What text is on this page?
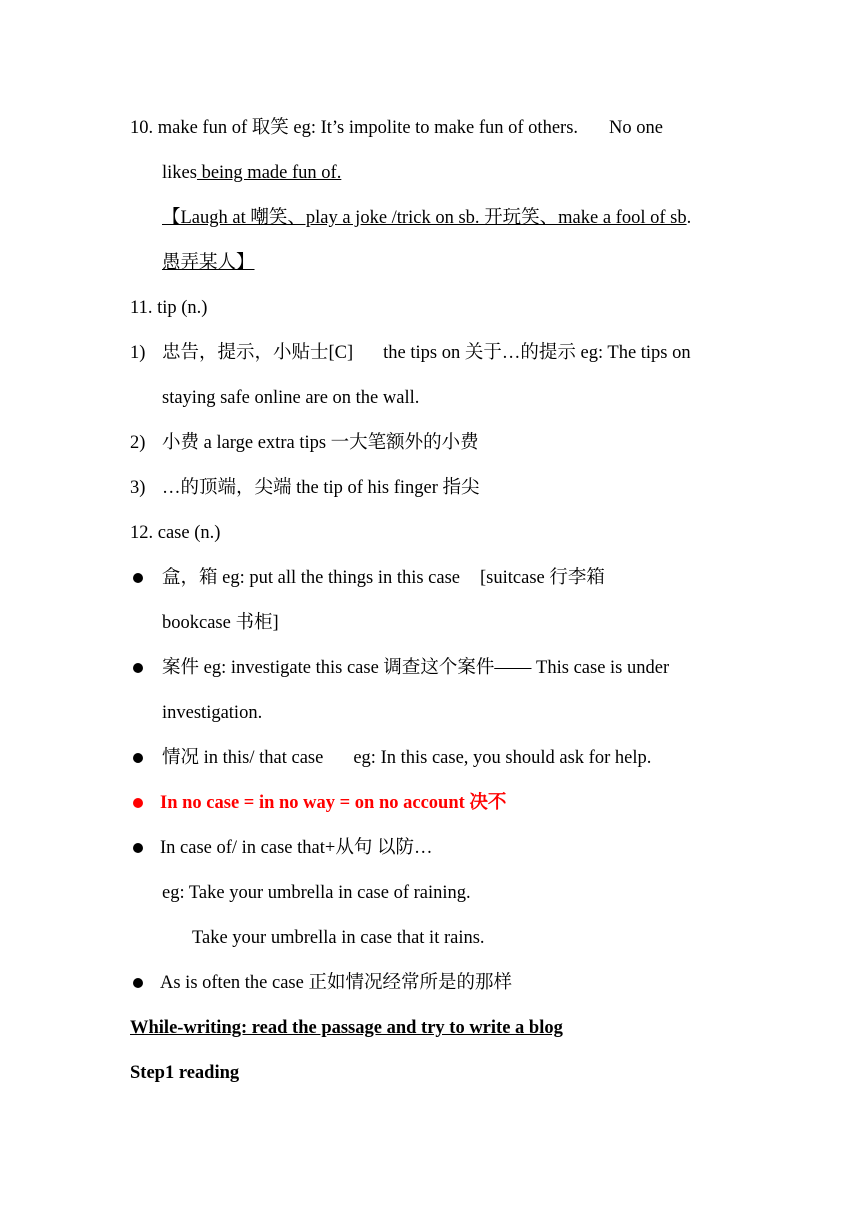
10. make fun of 取笑 eg: It’s impolite to make fun of others. No one
likes being made fun of.
【Laugh at 嘲笑、play a joke /trick on sb. 开玩笑、make a fool of sb.
愚弄某人】
11. tip (n.)
1) 忠告，提示，小贴士[C] the tips on 关于…的提示 eg: The tips on
staying safe online are on the wall.
2) 小费 a large extra tips 一大笔额外的小费
3) …的顶端，尖端 the tip of his finger 指尖
12. case (n.)
盒，箱 eg: put all the things in this case [suitcase 行李箱
bookcase 书柜]
案件 eg: investigate this case 调查这个案件—— This case is under
investigation.
情况 in this/ that case eg: In this case, you should ask for help.
In no case = in no way = on no account 决不
In case of/ in case that+从句 以防…
eg: Take your umbrella in case of raining.
Take your umbrella in case that it rains.
As is often the case 正如情况经常所是的那样
While-writing: read the passage and try to write a blog
Step1 reading
